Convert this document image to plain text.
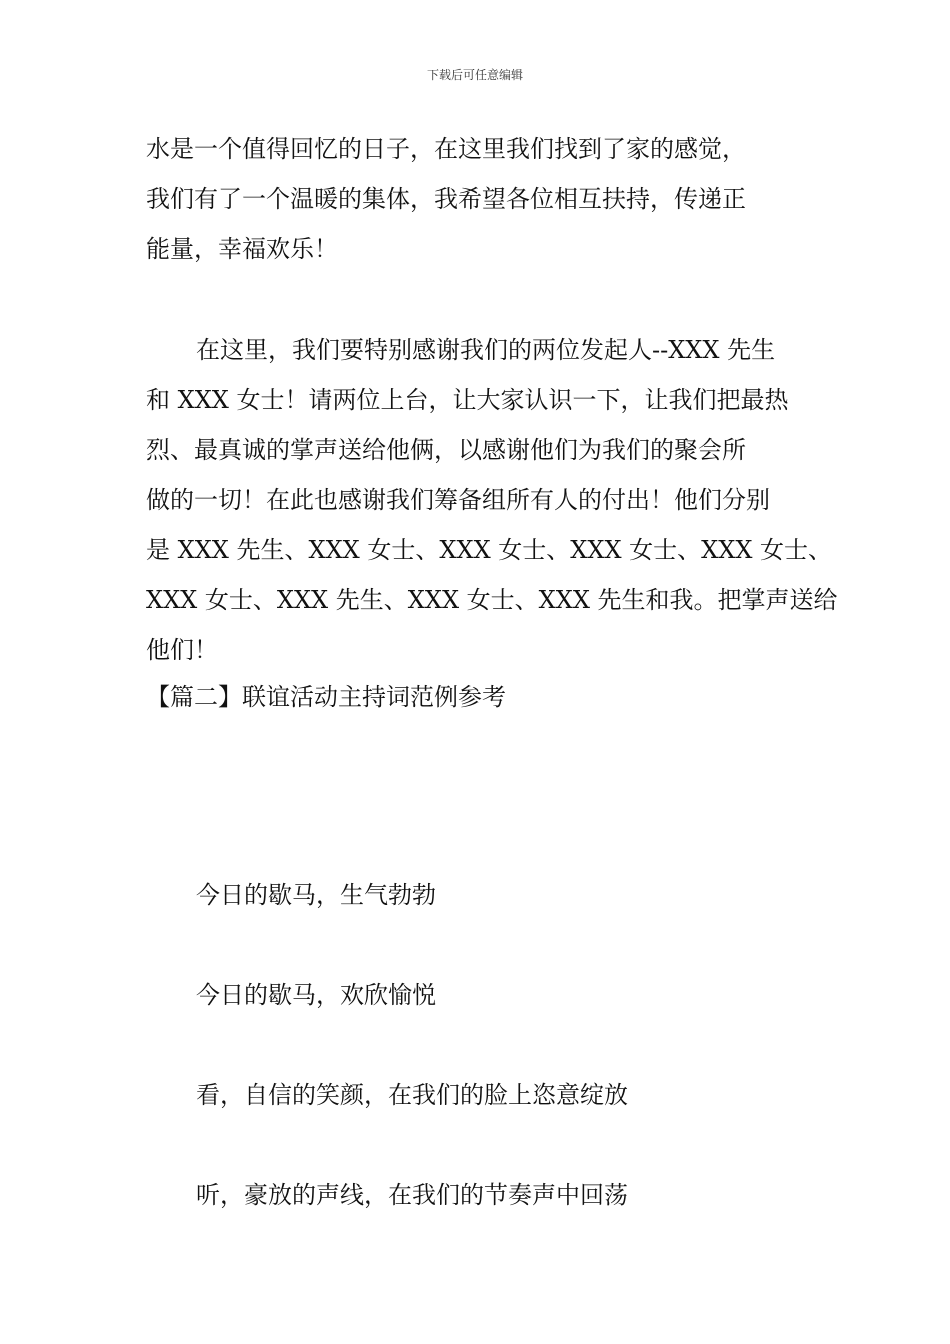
下载后可任意编辑
水是一个值得回忆的日子，在这里我们找到了家的感觉，
我们有了一个温暖的集体，我希望各位相互扶持，传递正
能量，幸福欢乐！
在这里，我们要特别感谢我们的两位发起人--XXX 先生
和 XXX 女士！请两位上台，让大家认识一下，让我们把最热
烈、最真诚的掌声送给他俩，以感谢他们为我们的聚会所
做的一切！在此也感谢我们筹备组所有人的付出！他们分别
是 XXX 先生、XXX 女士、XXX 女士、XXX 女士、XXX 女士、
XXX 女士、XXX 先生、XXX 女士、XXX 先生和我。把掌声送给
他们！
【篇二】联谊活动主持词范例参考
今日的歇马，生气勃勃
今日的歇马，欢欣愉悦
看，自信的笑颜，在我们的脸上恣意绽放
听，豪放的声线，在我们的节奏声中回荡
